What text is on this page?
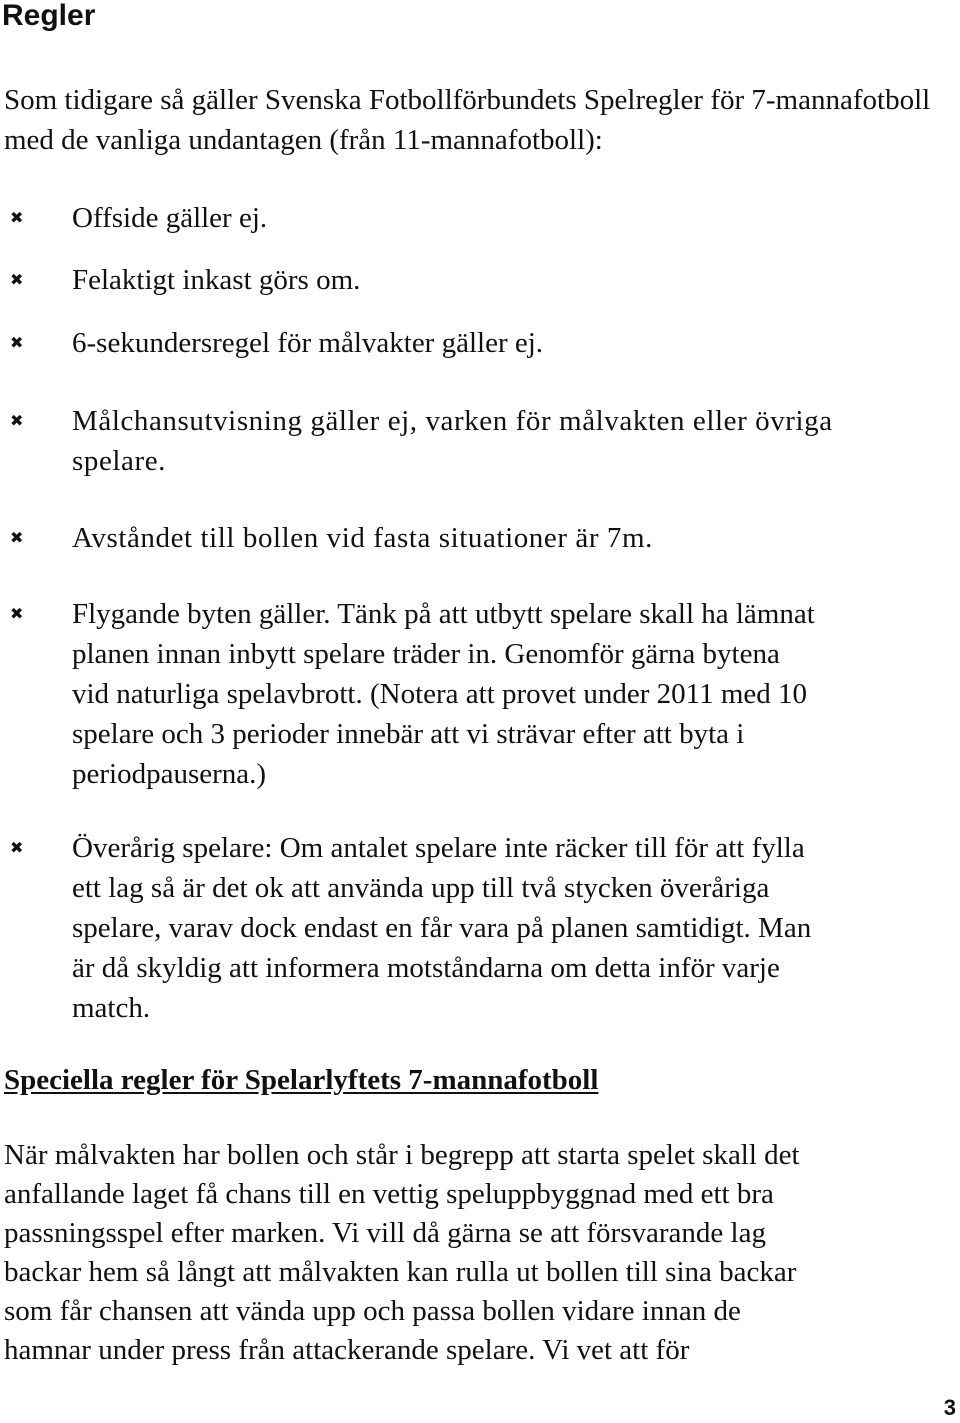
Regler

Som tidigare så gäller Svenska Fotbollförbundets Spelregler för 7-mannafotboll med de vanliga undantagen (från 11-mannafotboll):

✖ Offside gäller ej.
✖ Felaktigt inkast görs om.
✖ 6-sekundersregel för målvakter gäller ej.
✖ Målchansutvisning gäller ej, varken för målvakten eller övriga
spelare.
✖ Avståndet till bollen vid fasta situationer är 7m.
✖ Flygande byten gäller. Tänk på att utbytt spelare skall ha lämnat
planen innan inbytt spelare träder in. Genomför gärna bytena
vid naturliga spelavbrott. (Notera att provet under 2011 med 10
spelare och 3 perioder innebär att vi strävar efter att byta i
periodpauserna.)
✖ Överårig spelare: Om antalet spelare inte räcker till för att fylla
ett lag så är det ok att använda upp till två stycken överåriga
spelare, varav dock endast en får vara på planen samtidigt. Man
är då skyldig att informera motståndarna om detta inför varje
match.
Speciella regler för Spelarlyftets 7-mannafotboll

När målvakten har bollen och står i begrepp att starta spelet skall det
anfallande laget få chans till en vettig speluppbyggnad med ett bra
passningsspel efter marken. Vi vill då gärna se att försvarande lag
backar hem så långt att målvakten kan rulla ut bollen till sina backar
som får chansen att vända upp och passa bollen vidare innan de
hamnar under press från attackerande spelare. Vi vet att för

3
